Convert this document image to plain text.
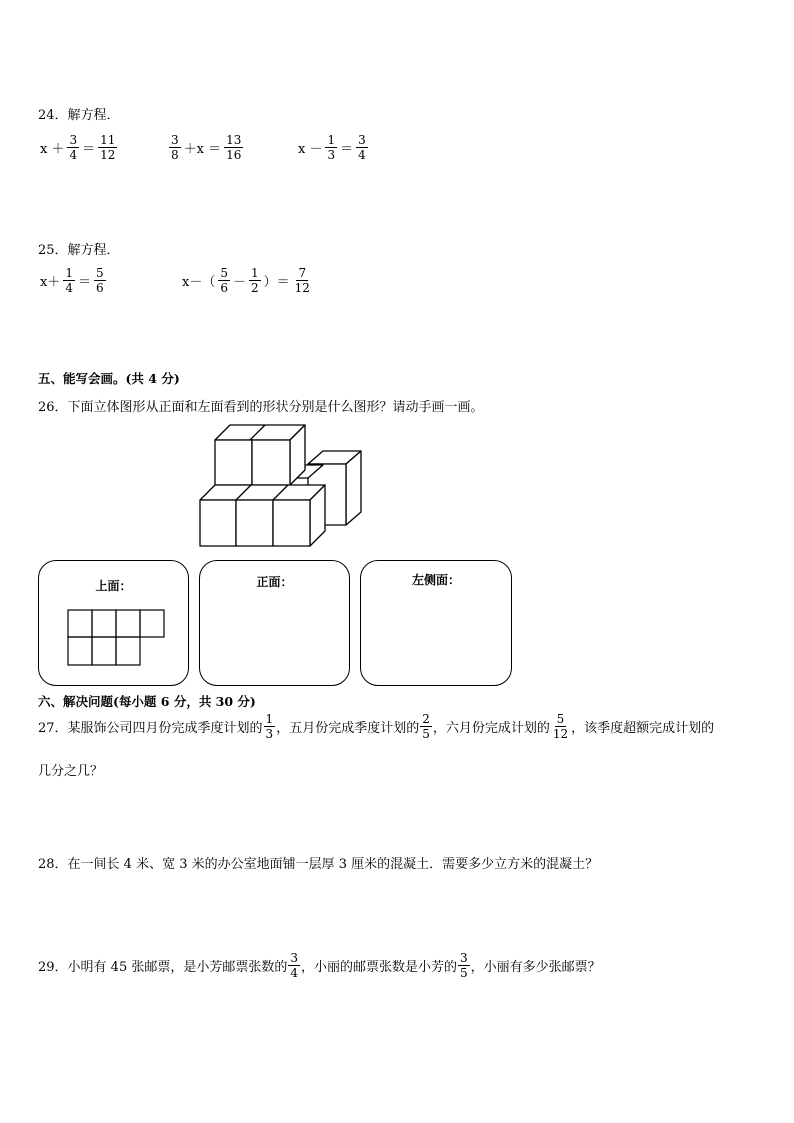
24．解方程．
$x + \frac{3}{4} = \frac{11}{12}$	$\frac{3}{8} +x = \frac{13}{16}$	$x - \frac{1}{3} = \frac{3}{4}$
25．解方程．
$x+ \frac{1}{4} = \frac{5}{6}$	$x-( \frac{5}{6} - \frac{1}{2}$ ）＝ $\frac{7}{12}$
五、能写会画。(共 4 分)
26．下面立体图形从正面和左面看到的形状分别是什么图形？请动手画一画。
上面：	正面：	左侧面：
六、解决问题(每小题 6 分，共 30 分)
27．某服饰公司四月份完成季度计划的 $\frac{1}{3}$ ，五月份完成季度计划的 $\frac{2}{5}$ ，六月份完成计划的 $\frac{5}{12}$ ，该季度超额完成计划的
几分之几？
28．在一间长 4 米、宽 3 米的办公室地面铺一层厚 3 厘米的混凝土．需要多少立方米的混凝土？
29．小明有 45 张邮票，是小芳邮票张数的 $\frac{3}{4}$ ，小丽的邮票张数是小芳的 $\frac{3}{5}$ ，小丽有多少张邮票？
